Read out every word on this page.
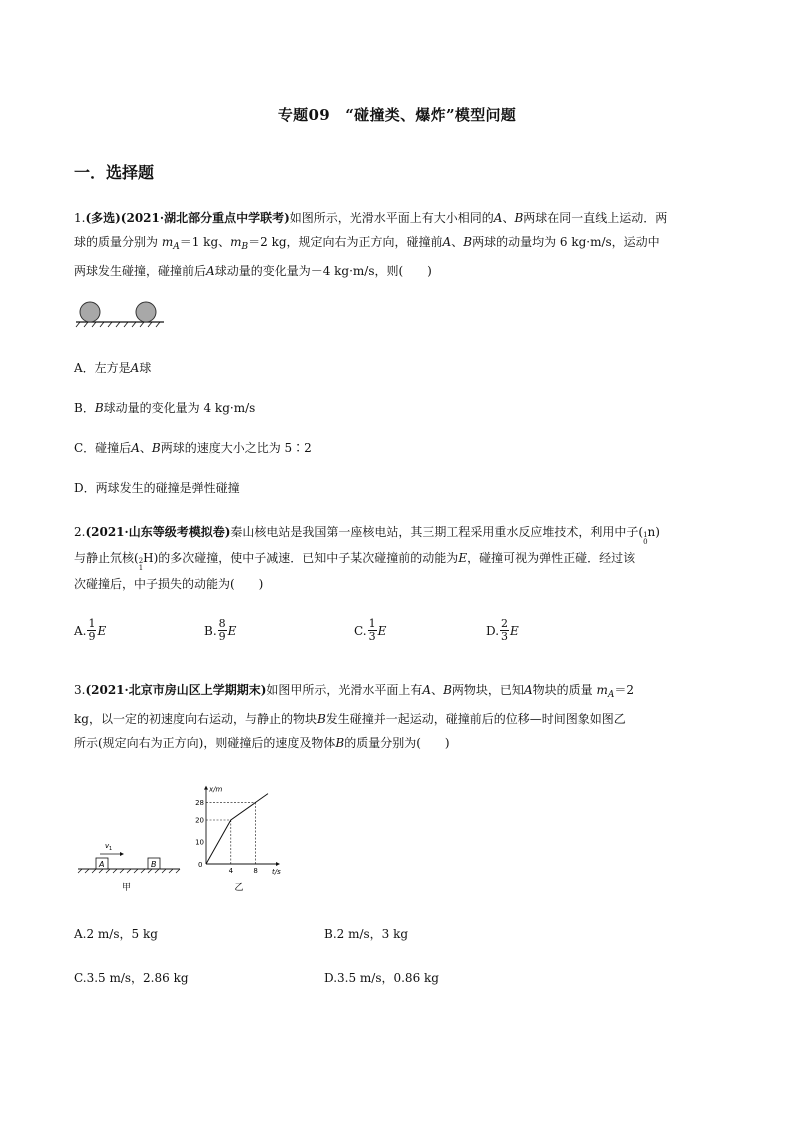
专题09　“碰撞类、爆炸”模型问题
一．选择题
1.(多选)(2021·湖北部分重点中学联考)如图所示，光滑水平面上有大小相同的A、B两球在同一直线上运动．两
球的质量分别为 $m_A=1$ kg、$m_B=2$ kg，规定向右为正方向，碰撞前A、B两球的动量均为 6 kg·m/s，运动中
两球发生碰撞，碰撞前后A球动量的变化量为－4 kg·m/s，则(　　)
A．左方是A球
B．B球动量的变化量为 4 kg·m/s
C．碰撞后A、B两球的速度大小之比为 5∶2
D．两球发生的碰撞是弹性碰撞
2.(2021·山东等级考模拟卷)秦山核电站是我国第一座核电站，其三期工程采用重水反应堆技术，利用中子( 1
0
n)
与静止氘核( 2
1
H)的多次碰撞，使中子减速．已知中子某次碰撞前的动能为E，碰撞可视为弹性正碰．经过该
次碰撞后，中子损失的动能为(　　)
A. $\frac{1}{9}$ E	B. $\frac{8}{9}$ E	C. $\frac{1}{3}$ E	D. $\frac{2}{3}$ E
3.(2021·北京市房山区上学期期末)如图甲所示，光滑水平面上有A、B两物块，已知A物块的质量 $m_A=2$
kg，以一定的初速度向右运动，与静止的物块B发生碰撞并一起运动，碰撞前后的位移—时间图象如图乙
所示(规定向右为正方向)，则碰撞后的速度及物体B的质量分别为(　　)
v 1
A	B
甲
10
20
28
4	8
x/m
t/s
0
乙
A.2 m/s，5 kg	B.2 m/s，3 kg
C.3.5 m/s，2.86 kg	D.3.5 m/s，0.86 kg
